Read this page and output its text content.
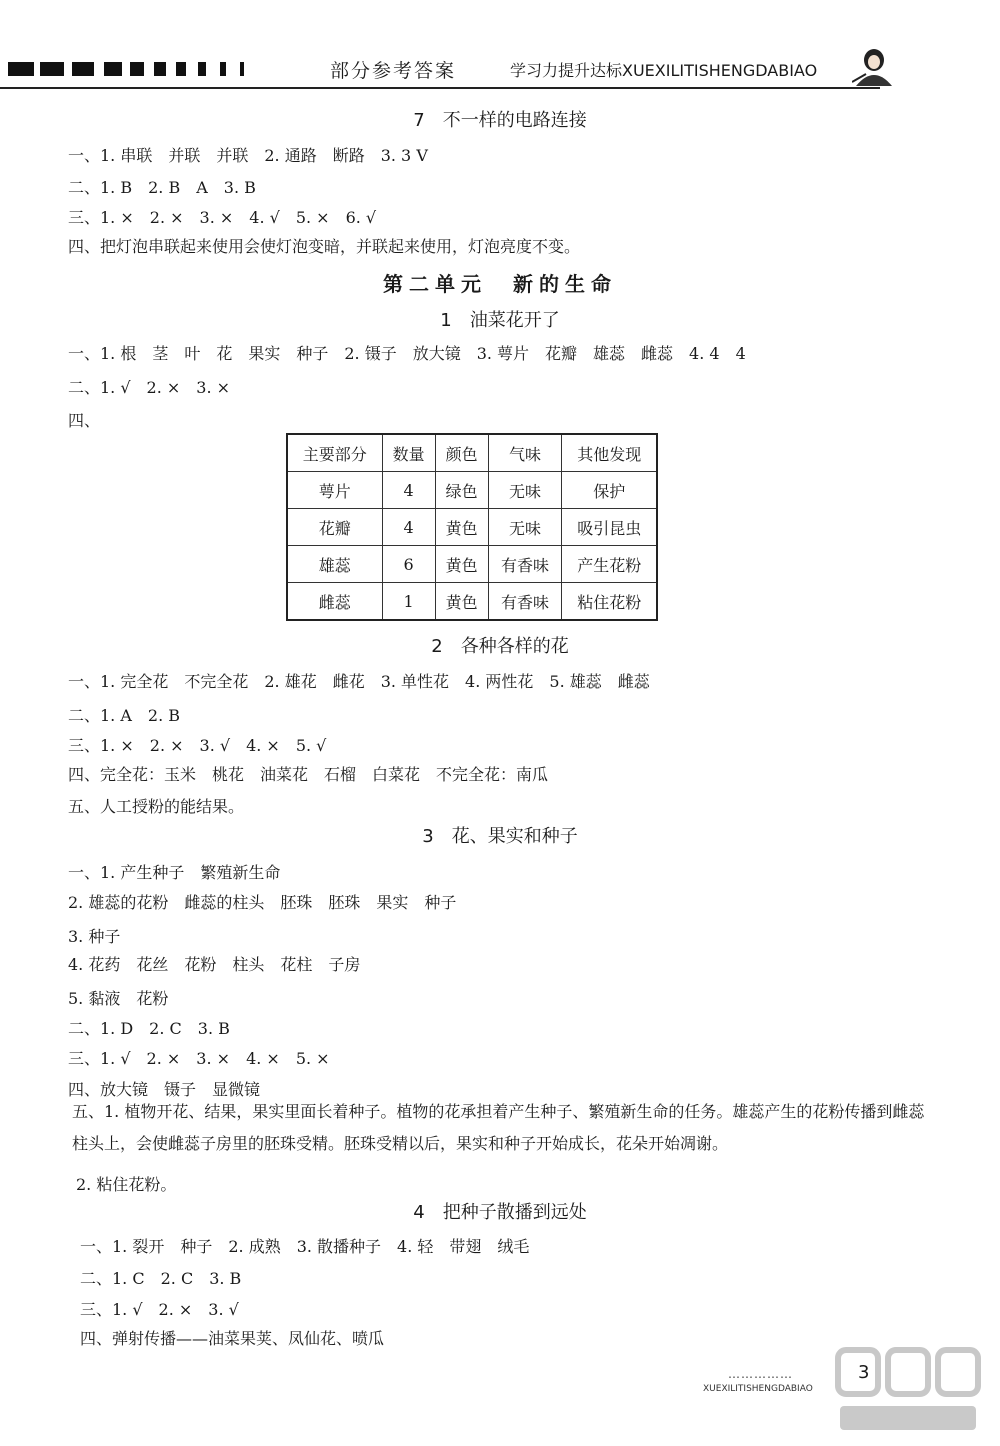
部分参考答案	学习力提升达标XUEXILITISHENGDABIAO
7　不一样的电路连接
一、1. 串联　并联　并联　2. 通路　断路　3. 3 V
二、1. B　2. B　A　3. B
三、1. ×　2. ×　3. ×　4. √　5. ×　6. √
四、把灯泡串联起来使用会使灯泡变暗，并联起来使用，灯泡亮度不变。
第二单元　新的生命
1　油菜花开了
一、1. 根　茎　叶　花　果实　种子　2. 镊子　放大镜　3. 萼片　花瓣　雄蕊　雌蕊　4. 4　4
二、1. √　2. ×　3. ×
四、
主要部分	数量	颜色	气味	其他发现
萼片	4	绿色	无味	保护
花瓣	4	黄色	无味	吸引昆虫
雄蕊	6	黄色	有香味	产生花粉
雌蕊	1	黄色	有香味	粘住花粉
2　各种各样的花
一、1. 完全花　不完全花　2. 雄花　雌花　3. 单性花　4. 两性花　5. 雄蕊　雌蕊
二、1. A　2. B
三、1. ×　2. ×　3. √　4. ×　5. √
四、完全花：玉米　桃花　油菜花　石榴　白菜花　不完全花：南瓜
五、人工授粉的能结果。
3　花、果实和种子
一、1. 产生种子　繁殖新生命
2. 雄蕊的花粉　雌蕊的柱头　胚珠　胚珠　果实　种子
3. 种子
4. 花药　花丝　花粉　柱头　花柱　子房
5. 黏液　花粉
二、1. D　2. C　3. B
三、1. √　2. ×　3. ×　4. ×　5. ×
四、放大镜　镊子　显微镜
五、1. 植物开花、结果，果实里面长着种子。植物的花承担着产生种子、繁殖新生命的任务。雄蕊产生的花粉传播到雌蕊柱头上，会使雌蕊子房里的胚珠受精。胚珠受精以后，果实和种子开始成长，花朵开始凋谢。
2. 粘住花粉。
4　把种子散播到远处
一、1. 裂开　种子　2. 成熟　3. 散播种子　4. 轻　带翅　绒毛
二、1. C　2. C　3. B
三、1. √　2. ×　3. √
四、弹射传播——油菜果荚、凤仙花、喷瓜
……………
XUEXILITISHENGDABIAO
3
